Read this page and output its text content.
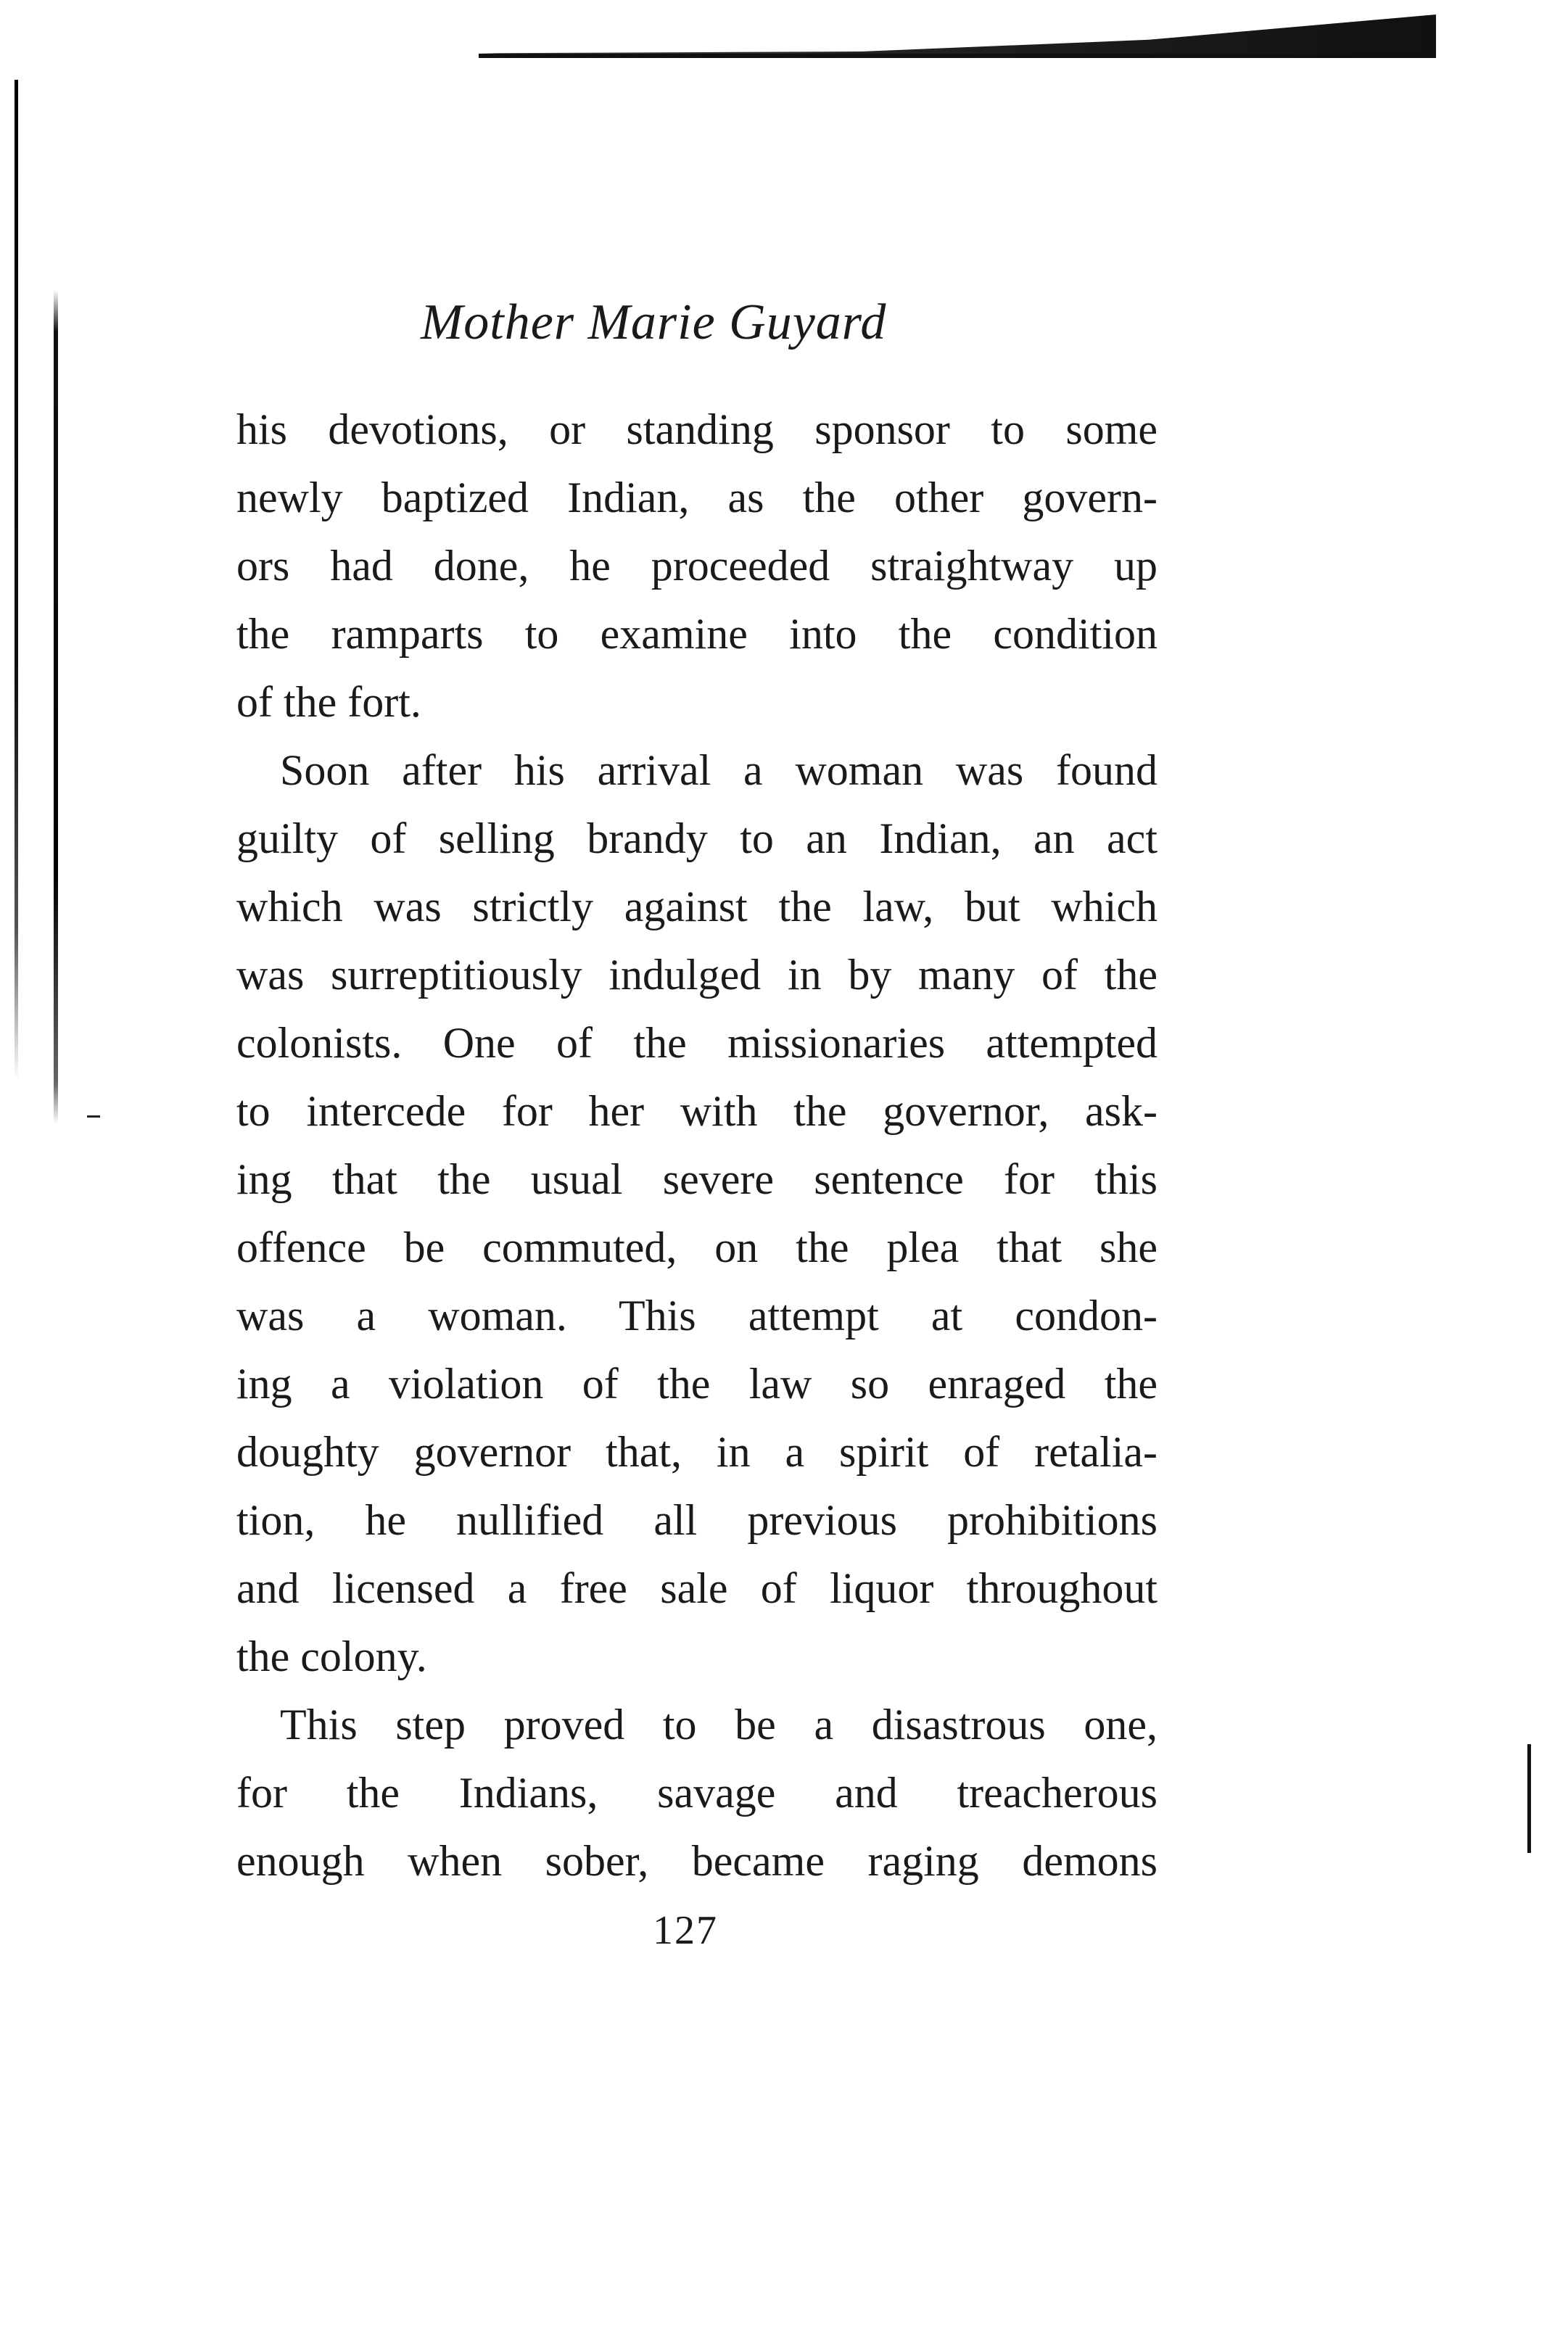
Mother Marie Guyard
his devotions, or standing sponsor to some
newly baptized Indian, as the other govern-
ors had done, he proceeded straightway up
the ramparts to examine into the condition
of the fort.
Soon after his arrival a woman was found
guilty of selling brandy to an Indian, an act
which was strictly against the law, but which
was surreptitiously indulged in by many of the
colonists. One of the missionaries attempted
to intercede for her with the governor, ask-
ing that the usual severe sentence for this
offence be commuted, on the plea that she
was a woman. This attempt at condon-
ing a violation of the law so enraged the
doughty governor that, in a spirit of retalia-
tion, he nullified all previous prohibitions
and licensed a free sale of liquor throughout
the colony.
This step proved to be a disastrous one,
for the Indians, savage and treacherous
enough when sober, became raging demons
127
